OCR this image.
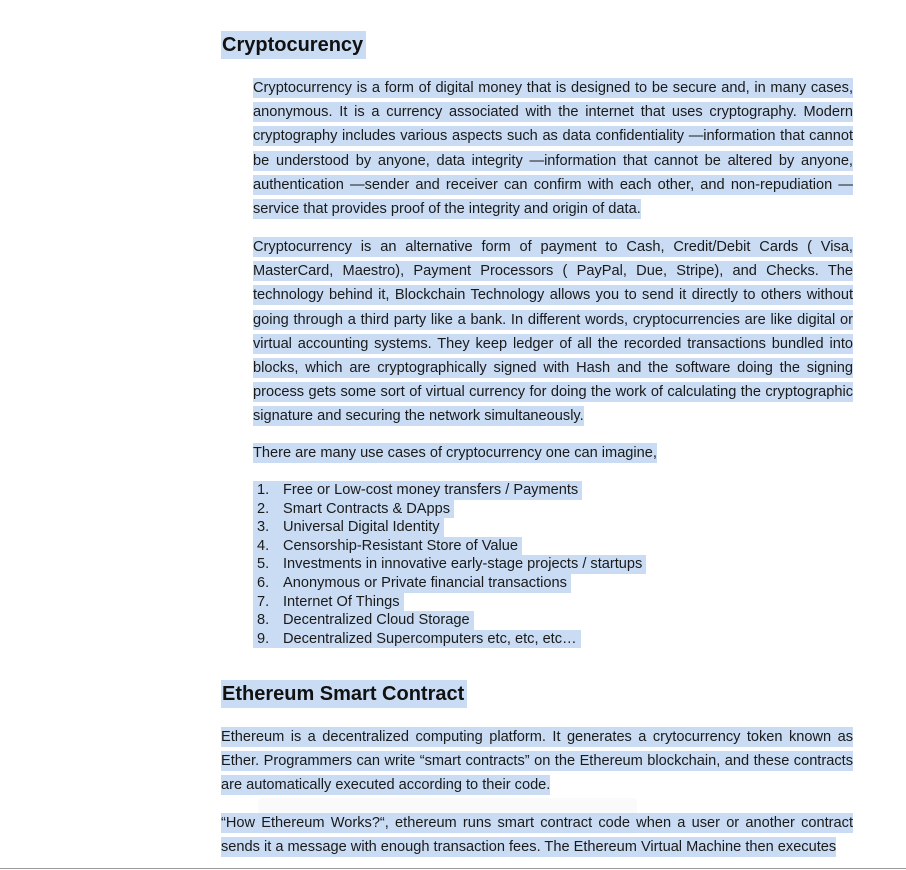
Cryptocurency
Cryptocurrency is a form of digital money that is designed to be secure and, in many cases, anonymous. It is a currency associated with the internet that uses cryptography. Modern cryptography includes various aspects such as data confidentiality —information that cannot be understood by anyone, data integrity —information that cannot be altered by anyone, authentication —sender and receiver can confirm with each other, and non-repudiation —service that provides proof of the integrity and origin of data.
Cryptocurrency is an alternative form of payment to Cash, Credit/Debit Cards ( Visa, MasterCard, Maestro), Payment Processors ( PayPal, Due, Stripe), and Checks. The technology behind it, Blockchain Technology allows you to send it directly to others without going through a third party like a bank. In different words, cryptocurrencies are like digital or virtual accounting systems. They keep ledger of all the recorded transactions bundled into blocks, which are cryptographically signed with Hash and the software doing the signing process gets some sort of virtual currency for doing the work of calculating the cryptographic signature and securing the network simultaneously.
There are many use cases of cryptocurrency one can imagine,
1. Free or Low-cost money transfers / Payments
2. Smart Contracts & DApps
3. Universal Digital Identity
4. Censorship-Resistant Store of Value
5. Investments in innovative early-stage projects / startups
6. Anonymous or Private financial transactions
7. Internet Of Things
8. Decentralized Cloud Storage
9. Decentralized Supercomputers etc, etc, etc…
Ethereum Smart Contract
Ethereum is a decentralized computing platform. It generates a crytocurrency token known as Ether. Programmers can write “smart contracts” on the Ethereum blockchain, and these contracts are automatically executed according to their code.
“How Ethereum Works?“, ethereum runs smart contract code when a user or another contract sends it a message with enough transaction fees. The Ethereum Virtual Machine then executes
